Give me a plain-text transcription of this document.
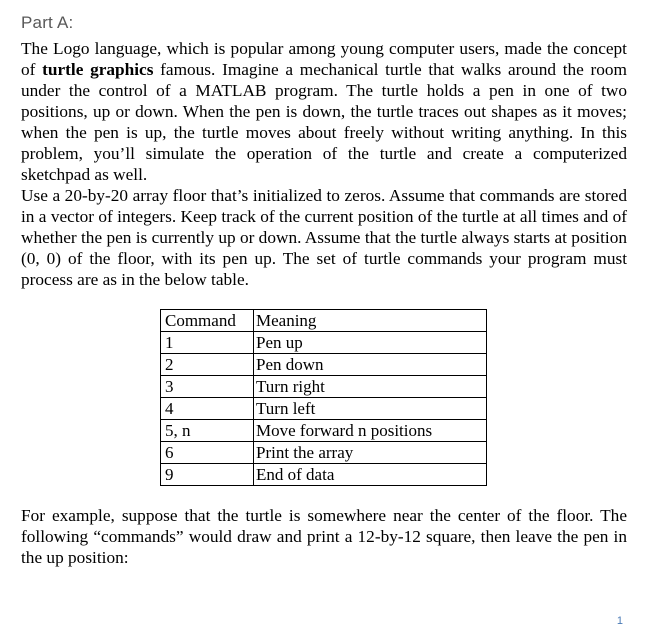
Part A:

The Logo language, which is popular among young computer users, made the concept of turtle graphics famous. Imagine a mechanical turtle that walks around the room under the control of a MATLAB program. The turtle holds a pen in one of two positions, up or down. When the pen is down, the turtle traces out shapes as it moves; when the pen is up, the turtle moves about freely without writing anything. In this problem, you’ll simulate the operation of the turtle and create a computerized sketchpad as well.

Use a 20-by-20 array floor that’s initialized to zeros. Assume that commands are stored in a vector of integers. Keep track of the current position of the turtle at all times and of whether the pen is currently up or down. Assume that the turtle always starts at position (0, 0) of the floor, with its pen up. The set of turtle commands your program must process are as in the below table.

Command	Meaning
1	Pen up
2	Pen down
3	Turn right
4	Turn left
5, n	Move forward n positions
6	Print the array
9	End of data

For example, suppose that the turtle is somewhere near the center of the floor. The following “commands” would draw and print a 12-by-12 square, then leave the pen in the up position:

1
